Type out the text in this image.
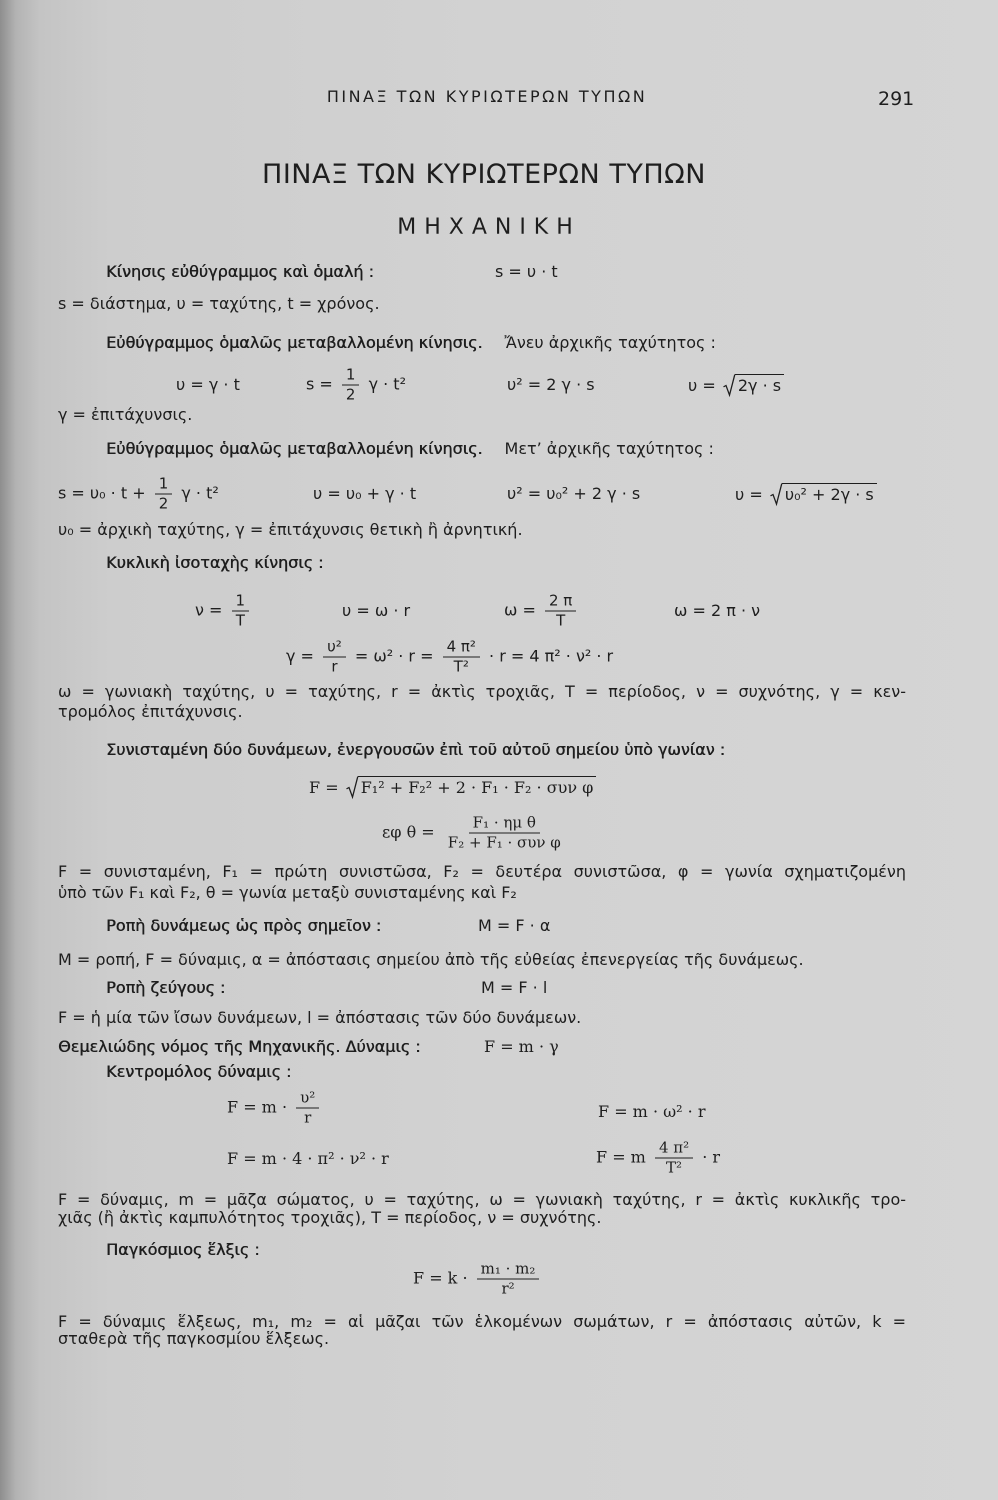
ΠΙΝΑΞ ΤΩΝ ΚΥΡΙΩΤΕΡΩΝ ΤΥΠΩΝ	291
ΠΙΝΑΞ ΤΩΝ ΚΥΡΙΩΤΕΡΩΝ ΤΥΠΩΝ
ΜΗΧΑΝΙΚΗ
Κίνησις εὐθύγραμμος καὶ ὁμαλή :	s = υ · t
s = διάστημα, υ = ταχύτης, t = χρόνος.
Εὐθύγραμμος ὁμαλῶς μεταβαλλομένη κίνησις. Ἄνευ ἀρχικῆς ταχύτητος :
υ = γ · t	$s = \frac{1}{2}$ γ · t²	υ² = 2 γ · s	υ = 2γ · s
γ = ἐπιτάχυνσις.
Εὐθύγραμμος ὁμαλῶς μεταβαλλομένη κίνησις. Μετ’ ἀρχικῆς ταχύτητος :
$s = \upsilon_0 \cdot t + \frac{1}{2}$ γ · t²	υ = υ₀ + γ · t	υ² = υ₀² + 2 γ · s	υ = υ₀² + 2γ · s
υ₀ = ἀρχικὴ ταχύτης, γ = ἐπιτάχυνσις θετικὴ ἢ ἀρνητική.
Κυκλικὴ ἰσοταχὴς κίνησις :
$\nu = \frac{1}{T}$	υ = ω · r	$\omega = \frac{2 \pi}{T}$	ω = 2 π · ν
$\gamma = \frac{\text{υ²}}{r} = \omega^2 \cdot r = \frac{\text{4 π²}}{\text{T²}} \cdot r = 4$ π² · ν² · r
ω = γωνιακὴ ταχύτης, υ = ταχύτης, r = ἀκτὶς τροχιᾶς, T = περίοδος, ν = συχνότης, γ = κεν-
τρομόλος ἐπιτάχυνσις.
Συνισταμένη δύο δυνάμεων, ἐνεργουσῶν ἐπὶ τοῦ αὐτοῦ σημείου ὑπὸ γωνίαν :
F = F₁² + F₂² + 2 · F₁ · F₂ · συν φ
εφ $\theta = \frac{\text{F₁ · ημ θ}}{\text{F₂ + F₁ · συν φ}}$
F = συνισταμένη, F₁ = πρώτη συνιστῶσα, F₂ = δευτέρα συνιστῶσα, φ = γωνία σχηματιζομένη
ὑπὸ τῶν F₁ καὶ F₂, θ = γωνία μεταξὺ συνισταμένης καὶ F₂
Ροπὴ δυνάμεως ὡς πρὸς σημεῖον :	M = F · α
M = ροπή, F = δύναμις, α = ἀπόστασις σημείου ἀπὸ τῆς εὐθείας ἐπενεργείας τῆς δυνάμεως.
Ροπὴ ζεύγους :	M = F · l
F = ἡ μία τῶν ἴσων δυνάμεων, l = ἀπόστασις τῶν δύο δυνάμεων.
Θεμελιώδης νόμος τῆς Μηχανικῆς. Δύναμις :	F = m · γ
Κεντρομόλος δύναμις :
$F = m \cdot \frac{\text{υ²}}{r}$	F = m · ω² · r
F = m · 4 · π² · ν² · r	F = m $\frac{\text{4 π²}}{\text{T²}} \cdot r$
F = δύναμις, m = μᾶζα σώματος, υ = ταχύτης, ω = γωνιακὴ ταχύτης, r = ἀκτὶς κυκλικῆς τρο-
χιᾶς (ἢ ἀκτὶς καμπυλότητος τροχιᾶς), T = περίοδος, ν = συχνότης.
Παγκόσμιος ἕλξις :
$F = k \cdot \frac{\text{m₁ · m₂}}{\text{r²}}$
F = δύναμις ἕλξεως, m₁, m₂ = αἱ μᾶζαι τῶν ἑλκομένων σωμάτων, r = ἀπόστασις αὐτῶν, k =
σταθερὰ τῆς παγκοσμίου ἕλξεως.
